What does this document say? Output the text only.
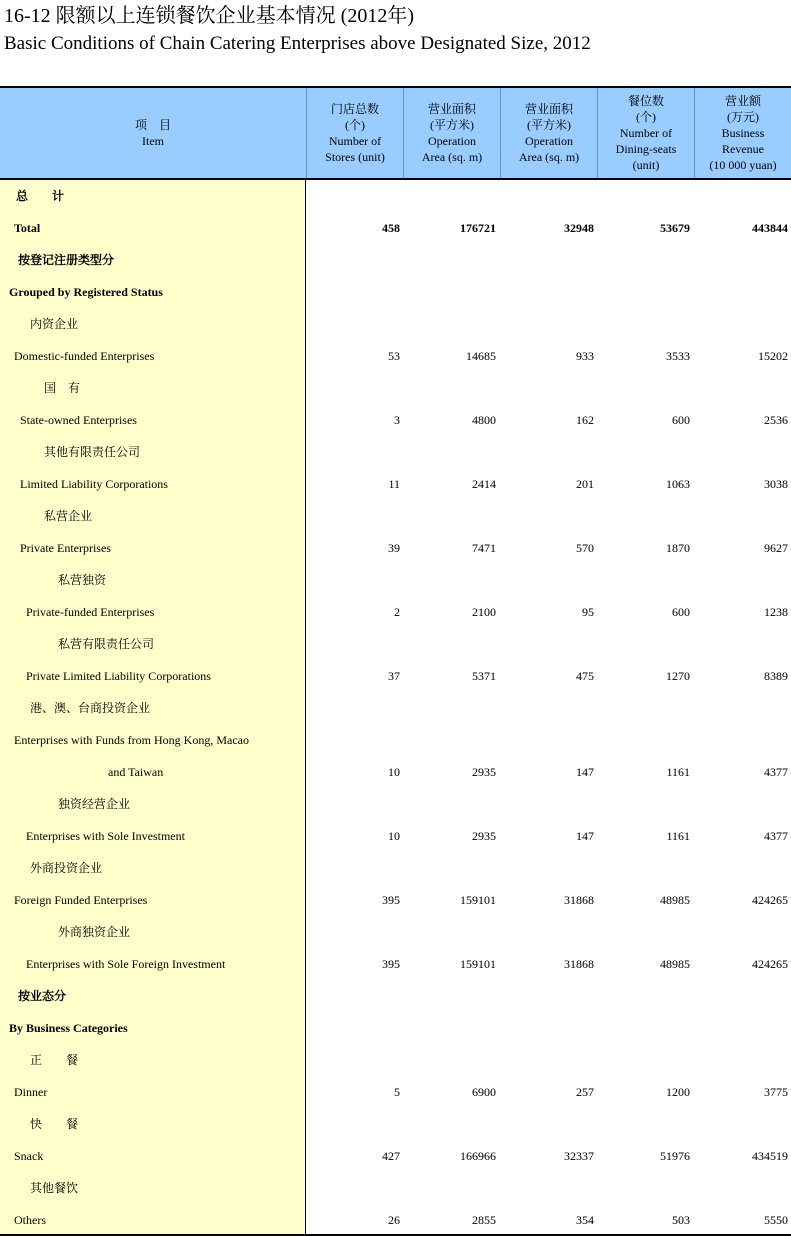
16-12 限额以上连锁餐饮企业基本情况 (2012年)
Basic Conditions of Chain Catering Enterprises above Designated Size, 2012
项　目
Item
门店总数
(个)
Number of
Stores (unit)
营业面积
(平方米)
Operation
Area (sq. m)
营业面积
(平方米)
Operation
Area (sq. m)
餐位数
(个)
Number of
Dining-seats
(unit)
营业额
(万元)
Business
Revenue
(10 000 yuan)
总　　计
Total	458	176721	32948	53679	443844
按登记注册类型分
Grouped by Registered Status
内资企业
Domestic-funded Enterprises	53	14685	933	3533	15202
国　有
State-owned Enterprises	3	4800	162	600	2536
其他有限责任公司
Limited Liability Corporations	11	2414	201	1063	3038
私营企业
Private Enterprises	39	7471	570	1870	9627
私营独资
Private-funded Enterprises	2	2100	95	600	1238
私营有限责任公司
Private Limited Liability Corporations	37	5371	475	1270	8389
港、澳、台商投资企业
Enterprises with Funds from Hong Kong, Macao
and Taiwan	10	2935	147	1161	4377
独资经营企业
Enterprises with Sole Investment	10	2935	147	1161	4377
外商投资企业
Foreign Funded Enterprises	395	159101	31868	48985	424265
外商独资企业
Enterprises with Sole Foreign Investment	395	159101	31868	48985	424265
按业态分
By Business Categories
正　　餐
Dinner	5	6900	257	1200	3775
快　　餐
Snack	427	166966	32337	51976	434519
其他餐饮
Others	26	2855	354	503	5550
